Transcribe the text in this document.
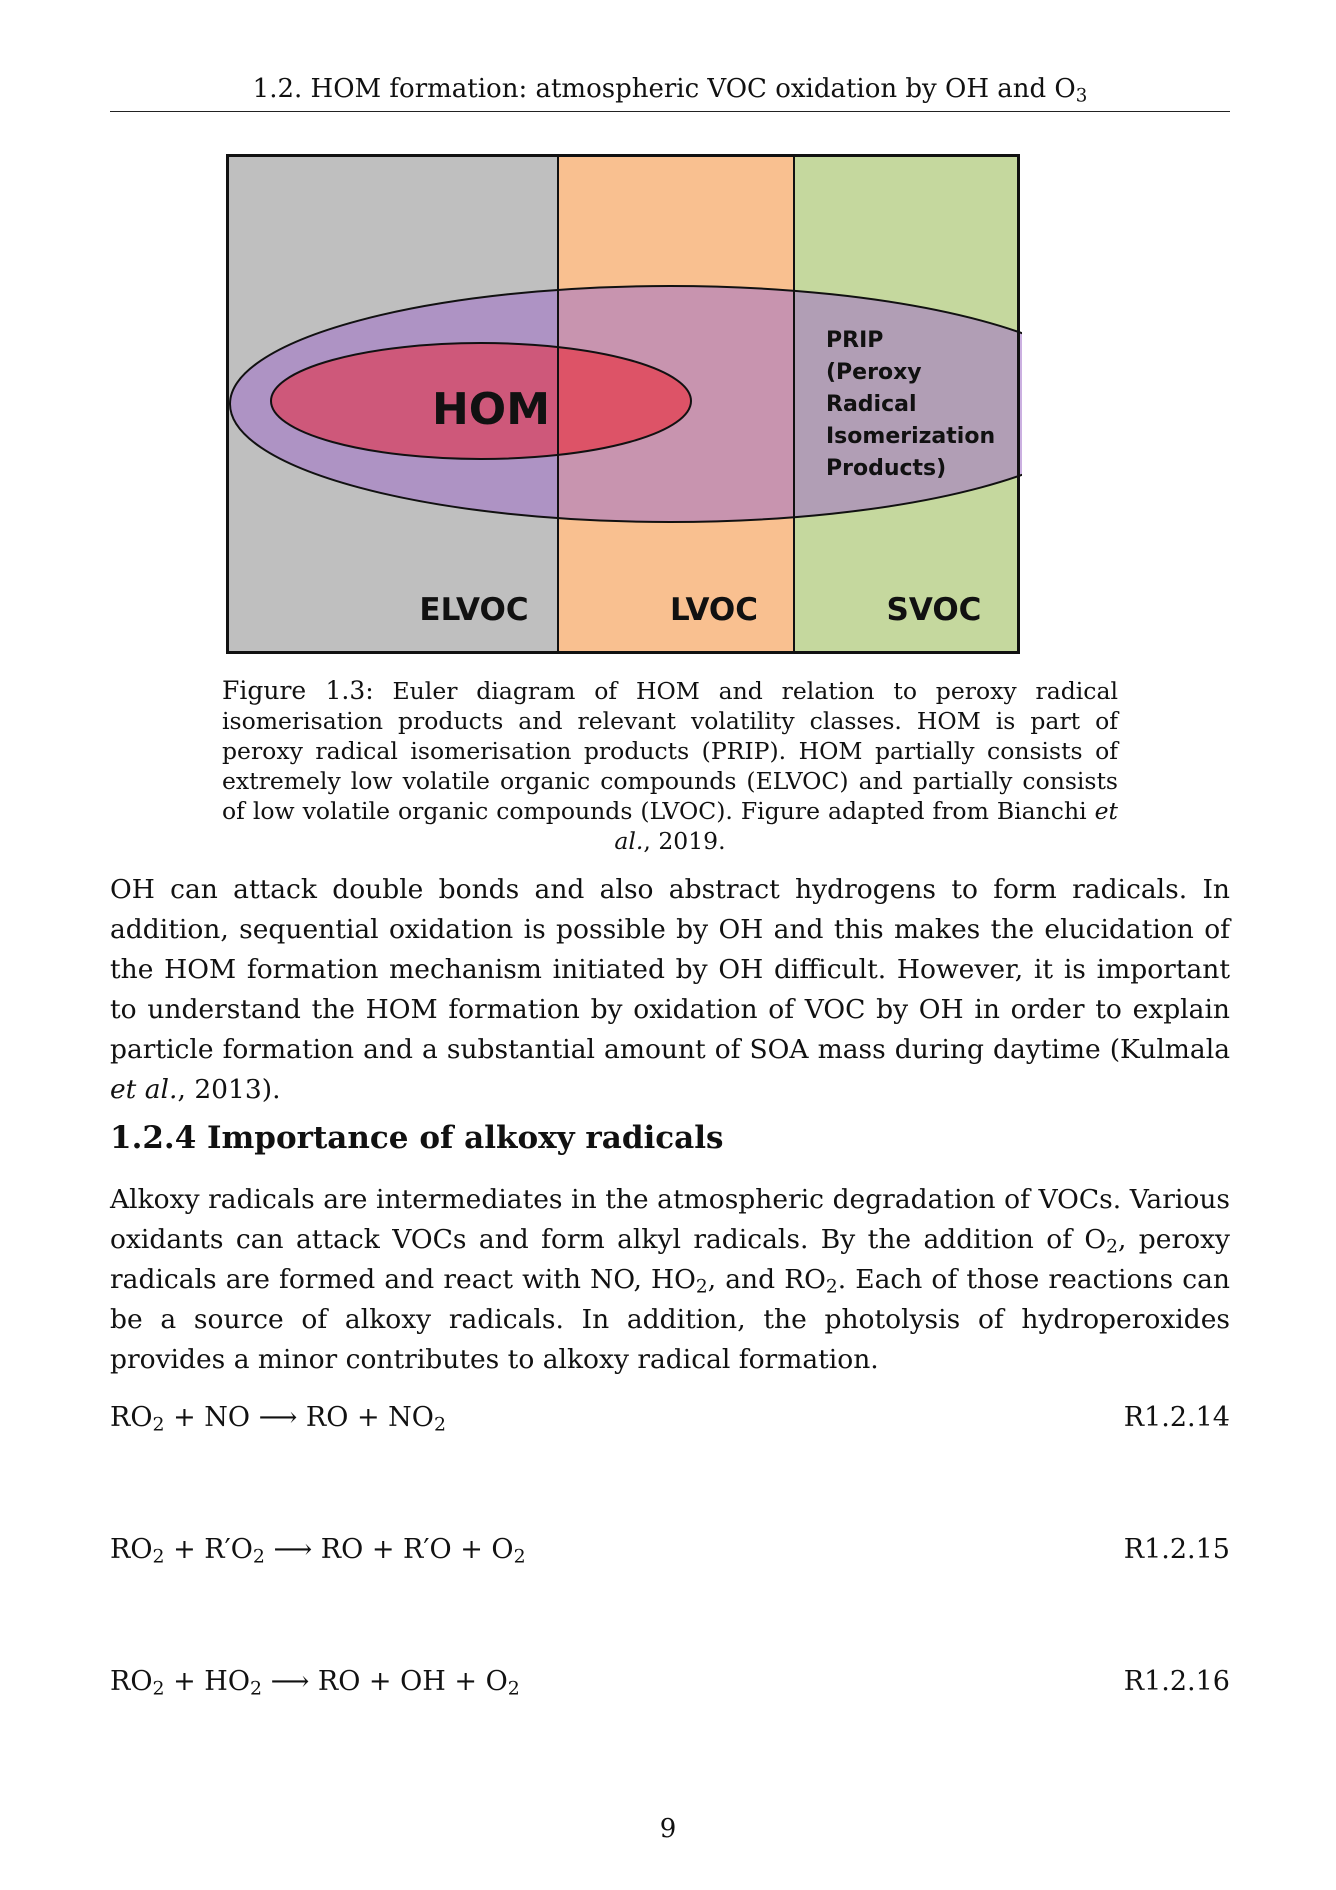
1.2. HOM formation: atmospheric VOC oxidation by OH and $O_3$
HOM
PRIP
(Peroxy
Radical
Isomerization
Products)
ELVOC	LVOC	SVOC
Figure 1.3: Euler diagram of HOM and relation to peroxy radical isomerisation products and relevant volatility classes. HOM is part of peroxy radical isomerisation products (PRIP). HOM partially consists of extremely low volatile organic compounds (ELVOC) and partially consists of low volatile organic compounds (LVOC). Figure adapted from Bianchi et al., 2019.

OH can attack double bonds and also abstract hydrogens to form radicals. In addition, sequential oxidation is possible by OH and this makes the elucidation of the HOM formation mechanism initiated by OH difficult. However, it is important to understand the HOM formation by oxidation of VOC by OH in order to explain particle formation and a substantial amount of SOA mass during daytime (Kulmala et al., 2013).

1.2.4 Importance of alkoxy radicals

Alkoxy radicals are intermediates in the atmospheric degradation of VOCs. Various oxidants can attack VOCs and form alkyl radicals. By the addition of $O_2$, peroxy radicals are formed and react with NO, $HO_2$, and $RO_2$. Each of those reactions can be a source of alkoxy radicals. In addition, the photolysis of hydroperoxides provides a minor contributes to alkoxy radical formation.

$RO_2$ + NO ⟶ RO + $NO_2$	R1.2.14
$RO_2 + R'O_2$ ⟶ RO + $R'O + O_2$	R1.2.15
$RO_2 + HO_2$ ⟶ RO + OH + $O_2$	R1.2.16
9
